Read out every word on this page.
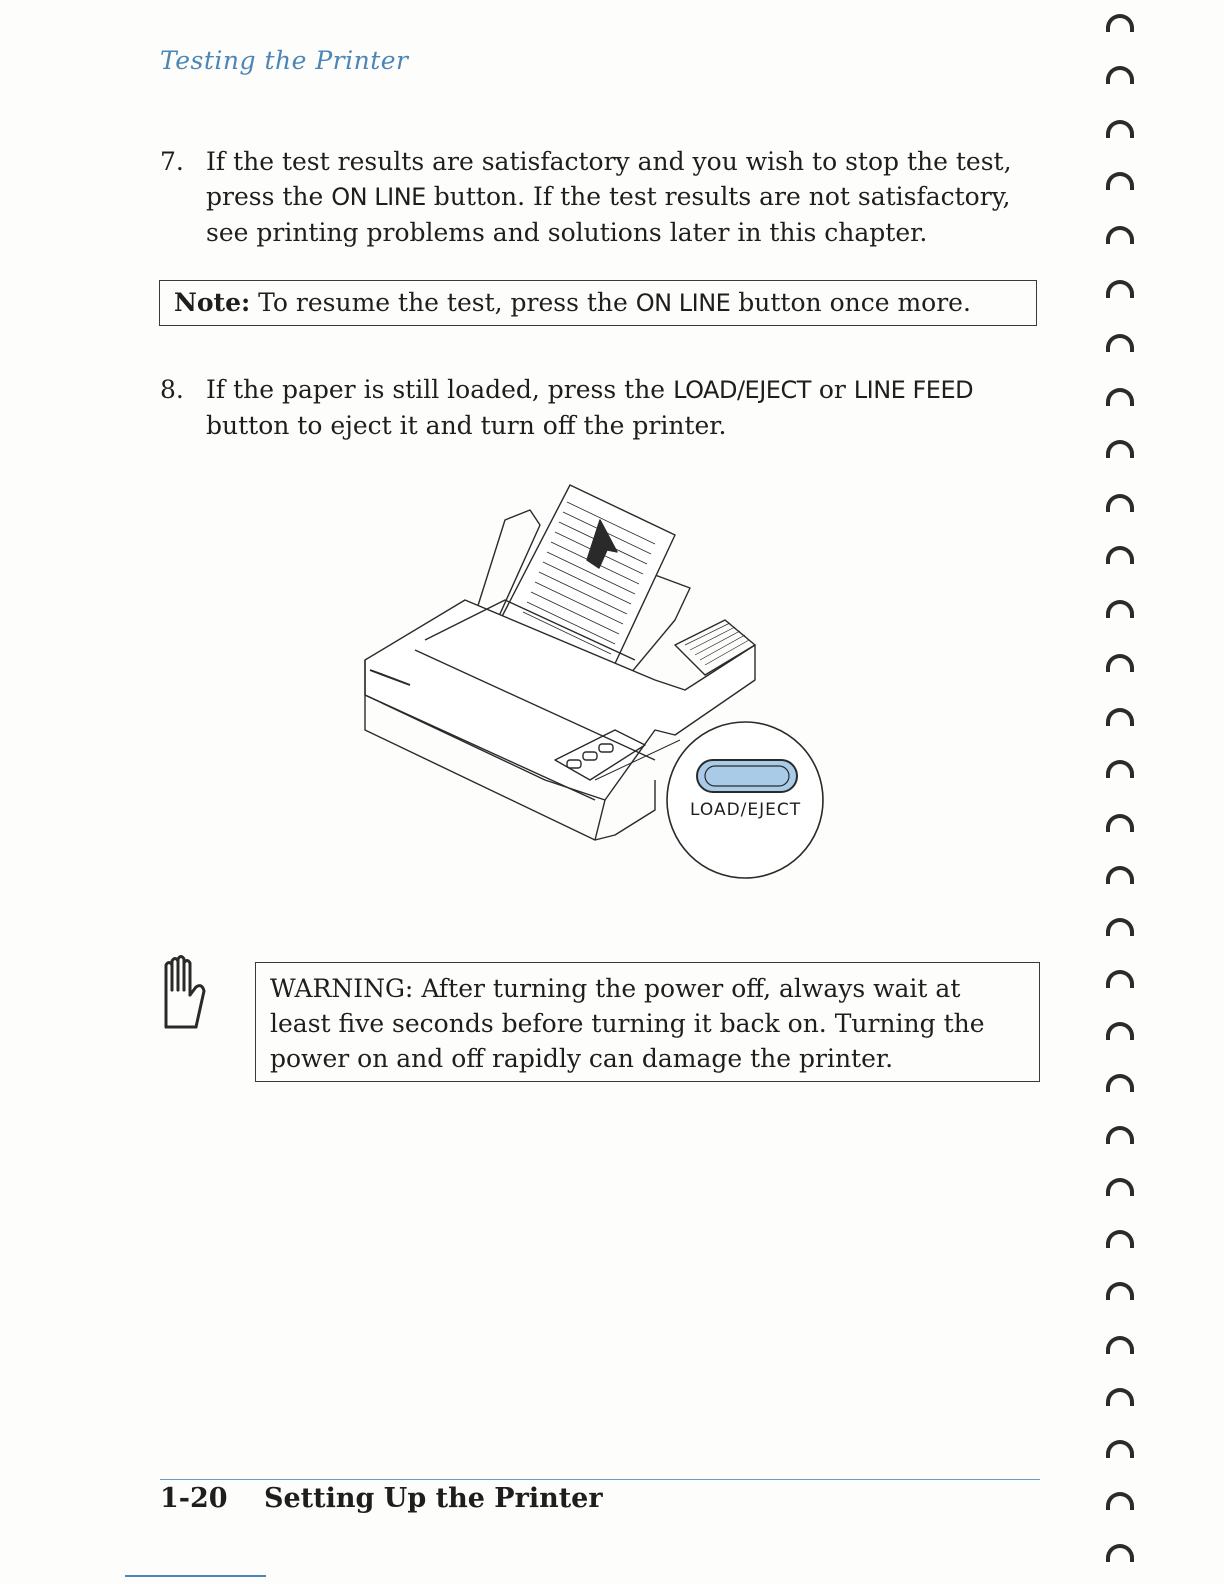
Testing the Printer
7. If the test results are satisfactory and you wish to stop the test,
press the ON LINE button. If the test results are not satisfactory,
see printing problems and solutions later in this chapter.
Note: To resume the test, press the ON LINE button once more.
8. If the paper is still loaded, press the LOAD/EJECT or LINE FEED
button to eject it and turn off the printer.
LOAD/EJECT
WARNING: After turning the power off, always wait at
least five seconds before turning it back on. Turning the
power on and off rapidly can damage the printer.
1-20 Setting Up the Printer
